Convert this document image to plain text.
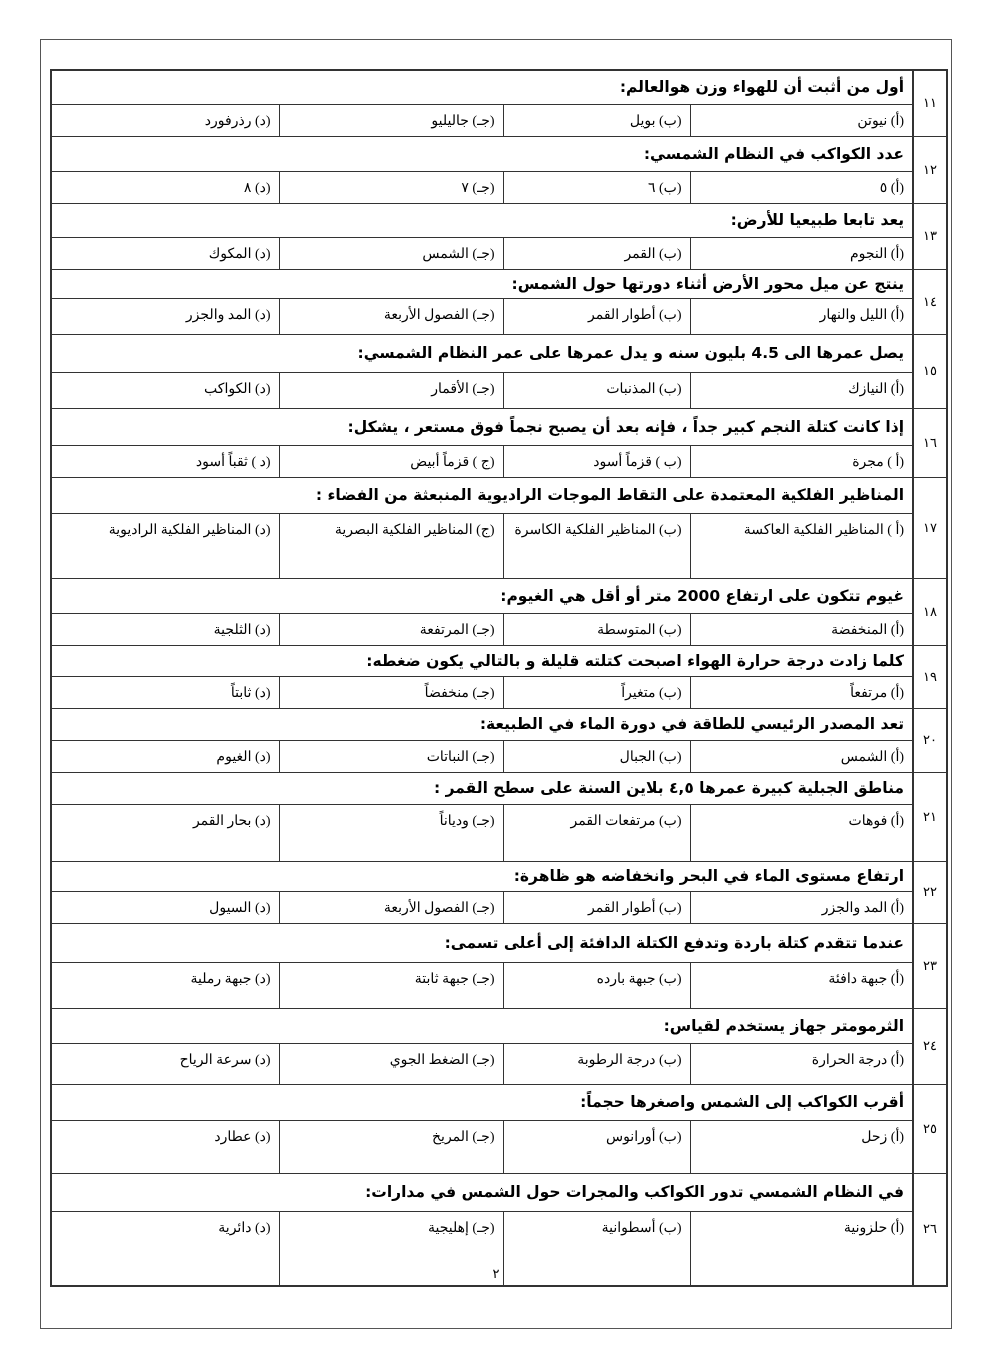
١١	أول من أثبت أن للهواء وزن هوالعالم:			
	(أ) نيوتن	(ب) بويل	(جـ) جاليليو	(د) رذرفورد
١٢	عدد الكواكب في النظام الشمسي:			
	(أ) ٥	(ب) ٦	(جـ) ٧	(د) ٨
١٣	يعد تابعا طبيعيا للأرض:			
	(أ) النجوم	(ب) القمر	(جـ) الشمس	(د) المكوك
١٤	ينتج عن ميل محور الأرض أثناء دورتها حول الشمس:			
	(أ) الليل والنهار	(ب) أطوار القمر	(جـ) الفصول الأربعة	(د) المد والجزر
١٥	يصل عمرها الى 4.5 بليون سنه و يدل عمرها على عمر النظام الشمسي:			
	(أ) النيازك	(ب) المذنبات	(جـ) الأقمار	(د) الكواكب
١٦	إذا كانت كتلة النجم كبير جداً ، فإنه بعد أن يصبح نجماً فوق مستعر ، يشكل:			
	(أ ) مجرة	(ب ) قزماً أسود	(ج ) قزماً أبيض	(د ) ثقباً أسود
١٧	المناظير الفلكية المعتمدة على التقاط الموجات الراديوية المنبعثة من الفضاء :			
	(أ ) المناظير الفلكية العاكسة	(ب) المناظير الفلكية الكاسرة	(ج) المناظير الفلكية البصرية	(د) المناظير الفلكية الراديوية
١٨	غيوم تتكون على ارتفاع 2000 متر أو أقل هي الغيوم:			
	(أ) المنخفضة	(ب) المتوسطة	(جـ) المرتفعة	(د) الثلجية
١٩	كلما زادت درجة حرارة الهواء اصبحت كتلته قليلة و بالتالي يكون ضغطه:			
	(أ) مرتفعاً	(ب) متغيراً	(جـ) منخفضاً	(د) ثابتاً
٢٠	تعد المصدر الرئيسي للطاقة في دورة الماء في الطبيعة:			
	(أ) الشمس	(ب) الجبال	(جـ) النباتات	(د) الغيوم
٢١	مناطق الجبلية كبيرة عمرها ٤,٥ بلاين السنة على سطح القمر :			
	(أ) فوهات	(ب) مرتفعات القمر	(جـ) ودياناً	(د) بحار القمر
٢٢	ارتفاع مستوى الماء في البحر وانخفاضه هو ظاهرة:			
	(أ) المد والجزر	(ب) أطوار القمر	(جـ) الفصول الأربعة	(د) السيول
٢٣	عندما تتقدم كتلة باردة وتدفع الكتلة الدافئة إلى أعلى تسمى:			
	(أ) جبهة دافئة	(ب) جبهة بارده	(جـ) جبهة ثابتة	(د) جبهة رملية
٢٤	الثرمومتر جهاز يستخدم لقياس:			
	(أ) درجة الحرارة	(ب) درجة الرطوبة	(جـ) الضغط الجوي	(د) سرعة الرياح
٢٥	أقرب الكواكب إلى الشمس واصغرها حجماً:			
	(أ) زحل	(ب) أورانوس	(جـ) المريخ	(د) عطارد
٢٦	في النظام الشمسي تدور الكواكب والمجرات حول الشمس في مدارات:			
	(أ) حلزونية	(ب) أسطوانية	(جـ) إهليجية	(د) دائرية
٢
